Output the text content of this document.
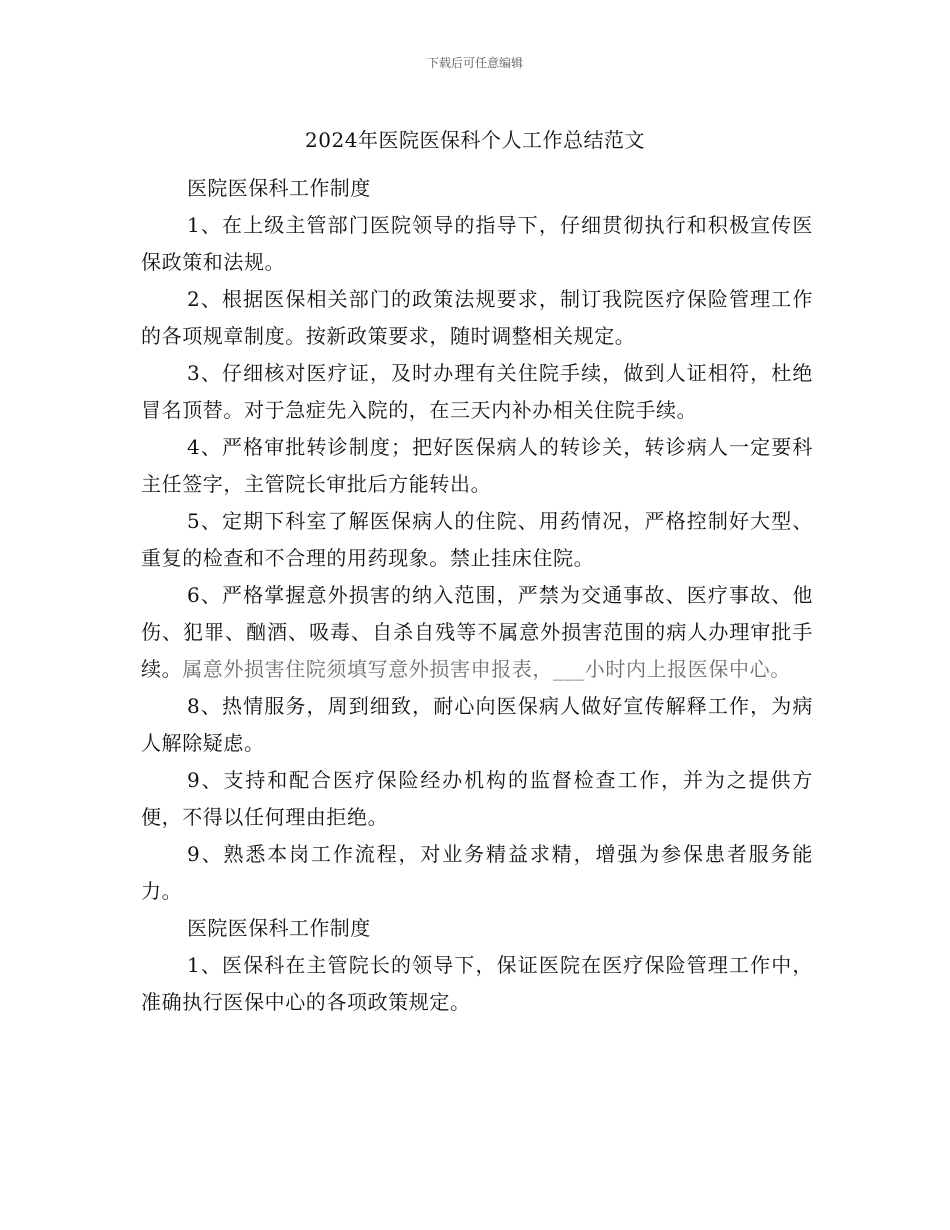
下载后可任意编辑
2024年医院医保科个人工作总结范文

医院医保科工作制度

1、在上级主管部门医院领导的指导下，仔细贯彻执行和积极宣传医保政策和法规。

2、根据医保相关部门的政策法规要求，制订我院医疗保险管理工作的各项规章制度。按新政策要求，随时调整相关规定。

3、仔细核对医疗证，及时办理有关住院手续，做到人证相符，杜绝冒名顶替。对于急症先入院的，在三天内补办相关住院手续。

4、严格审批转诊制度；把好医保病人的转诊关，转诊病人一定要科主任签字，主管院长审批后方能转出。

5、定期下科室了解医保病人的住院、用药情况，严格控制好大型、重复的检查和不合理的用药现象。禁止挂床住院。

6、严格掌握意外损害的纳入范围，严禁为交通事故、医疗事故、他伤、犯罪、酗酒、吸毒、自杀自残等不属意外损害范围的病人办理审批手续。属意外损害住院须填写意外损害申报表，___小时内上报医保中心。

8、热情服务，周到细致，耐心向医保病人做好宣传解释工作，为病人解除疑虑。

9、支持和配合医疗保险经办机构的监督检查工作，并为之提供方便，不得以任何理由拒绝。

9、熟悉本岗工作流程，对业务精益求精，增强为参保患者服务能力。

医院医保科工作制度

1、医保科在主管院长的领导下，保证医院在医疗保险管理工作中，准确执行医保中心的各项政策规定。
